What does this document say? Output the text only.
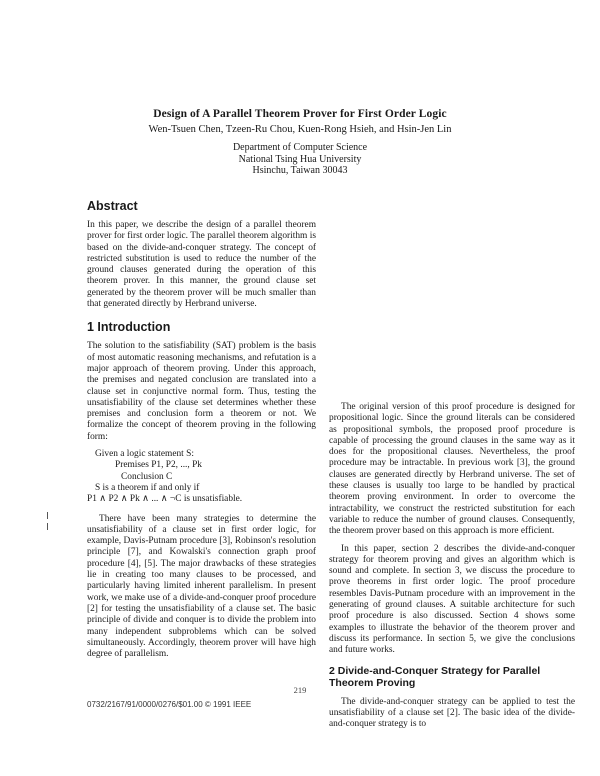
Design of A Parallel Theorem Prover for First Order Logic
Wen-Tsuen Chen, Tzeen-Ru Chou, Kuen-Rong Hsieh, and Hsin-Jen Lin
Department of Computer Science
National Tsing Hua University
Hsinchu, Taiwan 30043
Abstract

In this paper, we describe the design of a parallel theorem prover for first order logic. The parallel theorem algorithm is based on the divide-and-conquer strategy. The concept of restricted substitution is used to reduce the number of the ground clauses generated during the operation of this theorem prover. In this manner, the ground clause set generated by the theorem prover will be much smaller than that generated directly by Herbrand universe.

1 Introduction

The solution to the satisfiability (SAT) problem is the basis of most automatic reasoning mechanisms, and refutation is a major approach of theorem proving. Under this approach, the premises and negated conclusion are translated into a clause set in conjunctive normal form. Thus, testing the unsatisfiability of the clause set determines whether these premises and conclusion form a theorem or not. We formalize the concept of theorem proving in the following form:

Given a logic statement S:
Premises P1, P2, ..., Pk
Conclusion C
S is a theorem if and only if
P1 ∧ P2 ∧ Pk ∧ ... ∧ ¬C is unsatisfiable.

There have been many strategies to determine the unsatisfiability of a clause set in first order logic, for example, Davis-Putnam procedure [3], Robinson's resolution principle [7], and Kowalski's connection graph proof procedure [4], [5]. The major drawbacks of these strategies lie in creating too many clauses to be processed, and particularly having limited inherent parallelism. In present work, we make use of a divide-and-conquer proof procedure [2] for testing the unsatisfiability of a clause set. The basic principle of divide and conquer is to divide the problem into many independent subproblems which can be solved simultaneously. Accordingly, theorem prover will have high degree of parallelism.

The original version of this proof procedure is designed for propositional logic. Since the ground literals can be considered as propositional symbols, the proposed proof procedure is capable of processing the ground clauses in the same way as it does for the propositional clauses. Nevertheless, the proof procedure may be intractable. In previous work [3], the ground clauses are generated directly by Herbrand universe. The set of these clauses is usually too large to be handled by practical theorem proving environment. In order to overcome the intractability, we construct the restricted substitution for each variable to reduce the number of ground clauses. Consequently, the theorem prover based on this approach is more efficient.

In this paper, section 2 describes the divide-and-conquer strategy for theorem proving and gives an algorithm which is sound and complete. In section 3, we discuss the procedure to prove theorems in first order logic. The proof procedure resembles Davis-Putnam procedure with an improvement in the generating of ground clauses. A suitable architecture for such proof procedure is also discussed. Section 4 shows some examples to illustrate the behavior of the theorem prover and discuss its performance. In section 5, we give the conclusions and future works.

2 Divide-and-Conquer Strategy for Parallel Theorem Proving

The divide-and-conquer strategy can be applied to test the unsatisfiability of a clause set [2]. The basic idea of the divide-and-conquer strategy is to

219
0732/2167/91/0000/0276/$01.00 © 1991 IEEE
